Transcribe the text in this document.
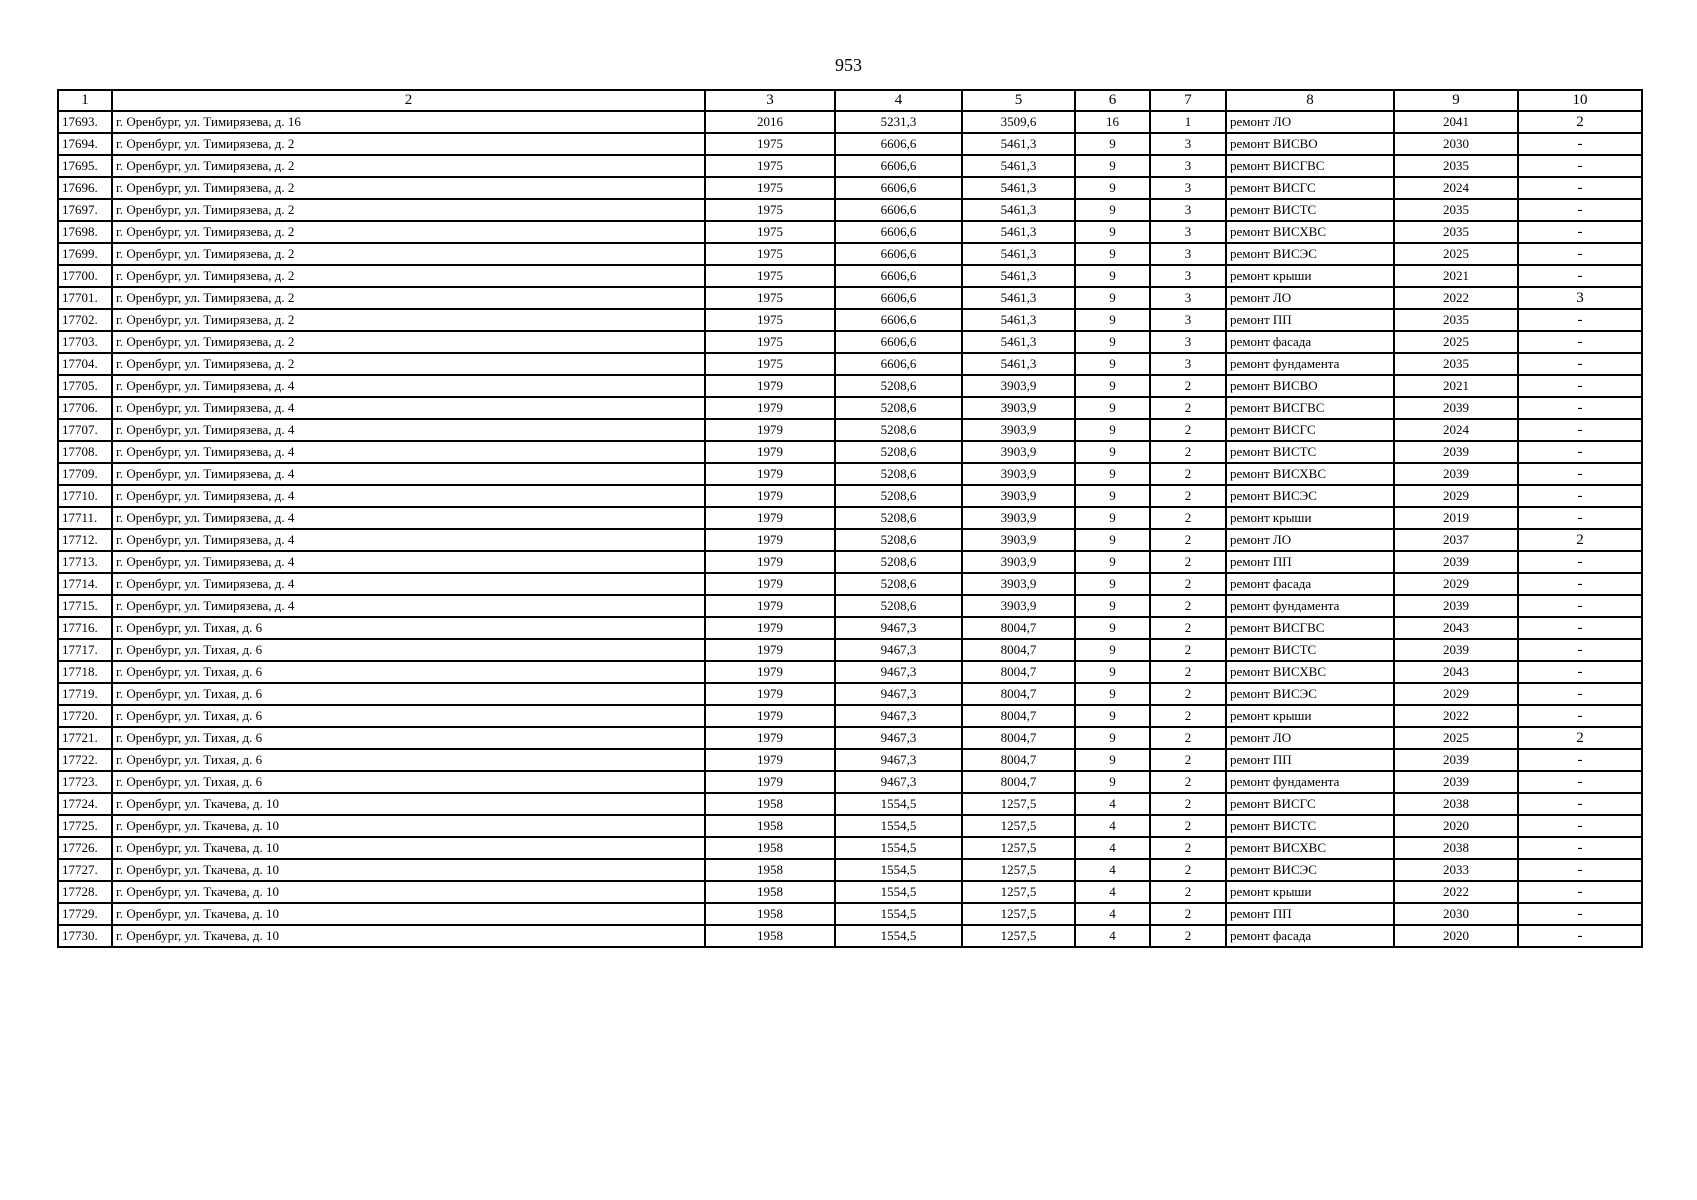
953
1	2	3	4	5	6	7	8	9	10
17693.	г. Оренбург, ул. Тимирязева, д. 16	2016	5231,3	3509,6	16	1	ремонт ЛО	2041	2
17694.	г. Оренбург, ул. Тимирязева, д. 2	1975	6606,6	5461,3	9	3	ремонт ВИСВО	2030	-
17695.	г. Оренбург, ул. Тимирязева, д. 2	1975	6606,6	5461,3	9	3	ремонт ВИСГВС	2035	-
17696.	г. Оренбург, ул. Тимирязева, д. 2	1975	6606,6	5461,3	9	3	ремонт ВИСГС	2024	-
17697.	г. Оренбург, ул. Тимирязева, д. 2	1975	6606,6	5461,3	9	3	ремонт ВИСТС	2035	-
17698.	г. Оренбург, ул. Тимирязева, д. 2	1975	6606,6	5461,3	9	3	ремонт ВИСХВС	2035	-
17699.	г. Оренбург, ул. Тимирязева, д. 2	1975	6606,6	5461,3	9	3	ремонт ВИСЭС	2025	-
17700.	г. Оренбург, ул. Тимирязева, д. 2	1975	6606,6	5461,3	9	3	ремонт крыши	2021	-
17701.	г. Оренбург, ул. Тимирязева, д. 2	1975	6606,6	5461,3	9	3	ремонт ЛО	2022	3
17702.	г. Оренбург, ул. Тимирязева, д. 2	1975	6606,6	5461,3	9	3	ремонт ПП	2035	-
17703.	г. Оренбург, ул. Тимирязева, д. 2	1975	6606,6	5461,3	9	3	ремонт фасада	2025	-
17704.	г. Оренбург, ул. Тимирязева, д. 2	1975	6606,6	5461,3	9	3	ремонт фундамента	2035	-
17705.	г. Оренбург, ул. Тимирязева, д. 4	1979	5208,6	3903,9	9	2	ремонт ВИСВО	2021	-
17706.	г. Оренбург, ул. Тимирязева, д. 4	1979	5208,6	3903,9	9	2	ремонт ВИСГВС	2039	-
17707.	г. Оренбург, ул. Тимирязева, д. 4	1979	5208,6	3903,9	9	2	ремонт ВИСГС	2024	-
17708.	г. Оренбург, ул. Тимирязева, д. 4	1979	5208,6	3903,9	9	2	ремонт ВИСТС	2039	-
17709.	г. Оренбург, ул. Тимирязева, д. 4	1979	5208,6	3903,9	9	2	ремонт ВИСХВС	2039	-
17710.	г. Оренбург, ул. Тимирязева, д. 4	1979	5208,6	3903,9	9	2	ремонт ВИСЭС	2029	-
17711.	г. Оренбург, ул. Тимирязева, д. 4	1979	5208,6	3903,9	9	2	ремонт крыши	2019	-
17712.	г. Оренбург, ул. Тимирязева, д. 4	1979	5208,6	3903,9	9	2	ремонт ЛО	2037	2
17713.	г. Оренбург, ул. Тимирязева, д. 4	1979	5208,6	3903,9	9	2	ремонт ПП	2039	-
17714.	г. Оренбург, ул. Тимирязева, д. 4	1979	5208,6	3903,9	9	2	ремонт фасада	2029	-
17715.	г. Оренбург, ул. Тимирязева, д. 4	1979	5208,6	3903,9	9	2	ремонт фундамента	2039	-
17716.	г. Оренбург, ул. Тихая, д. 6	1979	9467,3	8004,7	9	2	ремонт ВИСГВС	2043	-
17717.	г. Оренбург, ул. Тихая, д. 6	1979	9467,3	8004,7	9	2	ремонт ВИСТС	2039	-
17718.	г. Оренбург, ул. Тихая, д. 6	1979	9467,3	8004,7	9	2	ремонт ВИСХВС	2043	-
17719.	г. Оренбург, ул. Тихая, д. 6	1979	9467,3	8004,7	9	2	ремонт ВИСЭС	2029	-
17720.	г. Оренбург, ул. Тихая, д. 6	1979	9467,3	8004,7	9	2	ремонт крыши	2022	-
17721.	г. Оренбург, ул. Тихая, д. 6	1979	9467,3	8004,7	9	2	ремонт ЛО	2025	2
17722.	г. Оренбург, ул. Тихая, д. 6	1979	9467,3	8004,7	9	2	ремонт ПП	2039	-
17723.	г. Оренбург, ул. Тихая, д. 6	1979	9467,3	8004,7	9	2	ремонт фундамента	2039	-
17724.	г. Оренбург, ул. Ткачева, д. 10	1958	1554,5	1257,5	4	2	ремонт ВИСГС	2038	-
17725.	г. Оренбург, ул. Ткачева, д. 10	1958	1554,5	1257,5	4	2	ремонт ВИСТС	2020	-
17726.	г. Оренбург, ул. Ткачева, д. 10	1958	1554,5	1257,5	4	2	ремонт ВИСХВС	2038	-
17727.	г. Оренбург, ул. Ткачева, д. 10	1958	1554,5	1257,5	4	2	ремонт ВИСЭС	2033	-
17728.	г. Оренбург, ул. Ткачева, д. 10	1958	1554,5	1257,5	4	2	ремонт крыши	2022	-
17729.	г. Оренбург, ул. Ткачева, д. 10	1958	1554,5	1257,5	4	2	ремонт ПП	2030	-
17730.	г. Оренбург, ул. Ткачева, д. 10	1958	1554,5	1257,5	4	2	ремонт фасада	2020	-
